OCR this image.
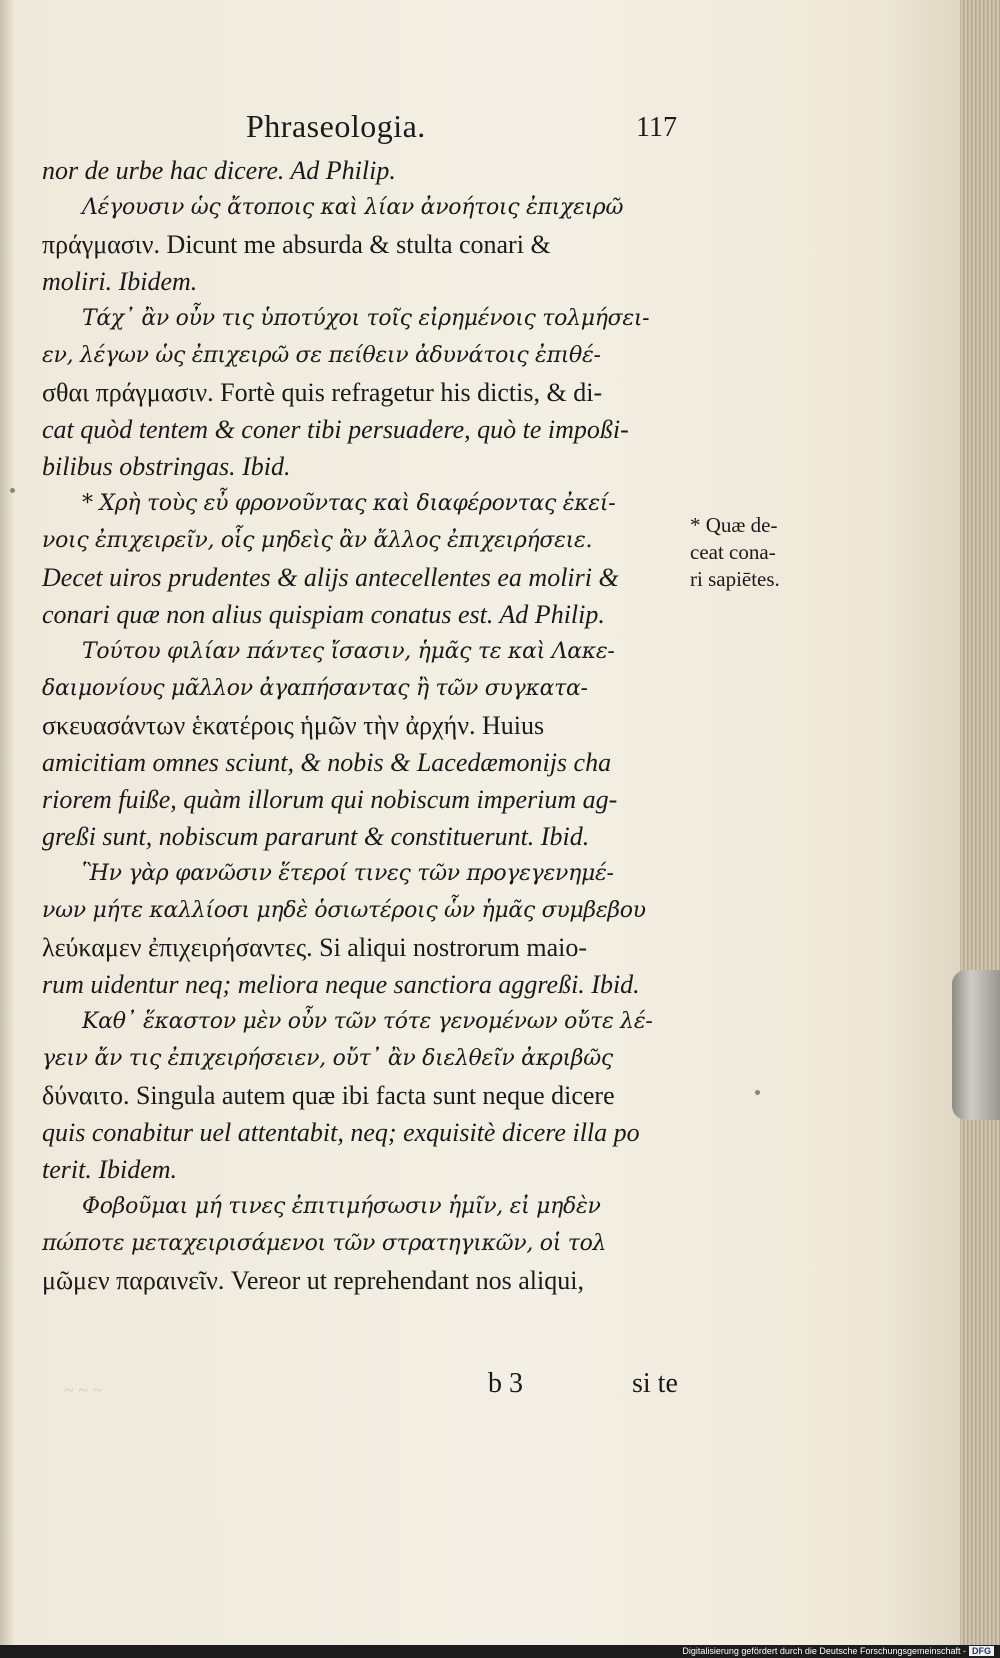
Phraseologia.	117
nor de urbe hac dicere. Ad Philip.
Λέγουσιν ὡς ἄτοποις καὶ λίαν ἀνοήτοις ἐπιχειρῶ
πράγμασιν. Dicunt me absurda & stulta conari &
moliri. Ibidem.
Τάχ᾽ ἂν οὖν τις ὑποτύχοι τοῖς εἰρημένοις τολμήσει-
εν, λέγων ὡς ἐπιχειρῶ σε πείθειν ἀδυνάτοις ἐπιθέ-
σθαι πράγμασιν. Fortè quis refragetur his dictis, & di-
cat quòd tentem & coner tibi persuadere, quò te impoßi-
bilibus obstringas. Ibid.
* Χρὴ τοὺς εὖ φρονοῦντας καὶ διαφέροντας ἐκεί-
νοις ἐπιχειρεῖν, οἷς μηδεὶς ἂν ἄλλος ἐπιχειρήσειε.
Decet uiros prudentes & alijs antecellentes ea moliri &
conari quæ non alius quispiam conatus est. Ad Philip.
Τούτου φιλίαν πάντες ἴσασιν, ἡμᾶς τε καὶ Λακε-
δαιμονίους μᾶλλον ἀγαπήσαντας ἢ τῶν συγκατα-
σκευασάντων ἑκατέροις ἡμῶν τὴν ἀρχήν. Huius
amicitiam omnes sciunt, & nobis & Lacedæmonijs cha
riorem fuiße, quàm illorum qui nobiscum imperium ag-
greßi sunt, nobiscum pararunt & constituerunt. Ibid.
Ἣν γὰρ φανῶσιν ἕτεροί τινες τῶν προγεγενημέ-
νων μήτε καλλίοσι μηδὲ ὁσιωτέροις ὧν ἡμᾶς συμβεβου
λεύκαμεν ἐπιχειρήσαντες. Si aliqui nostrorum maio-
rum uidentur neq; meliora neque sanctiora aggreßi. Ibid.
Καθ᾽ ἕκαστον μὲν οὖν τῶν τότε γενομένων οὔτε λέ-
γειν ἄν τις ἐπιχειρήσειεν, οὔτ᾽ ἂν διελθεῖν ἀκριβῶς
δύναιτο. Singula autem quæ ibi facta sunt neque dicere
quis conabitur uel attentabit, neq; exquisitè dicere illa po
terit. Ibidem.
Φοβοῦμαι μή τινες ἐπιτιμήσωσιν ἡμῖν, εἰ μηδὲν
πώποτε μεταχειρισάμενοι τῶν στρατηγικῶν, οἱ τολ
μῶμεν παραινεῖν. Vereor ut reprehendant nos aliqui,
* Quæ de-
ceat cona-
ri sapiētes.
b 3	si te
~ ~ ~
Digitalisierung gefördert durch die Deutsche Forschungsgemeinschaft - DFG
